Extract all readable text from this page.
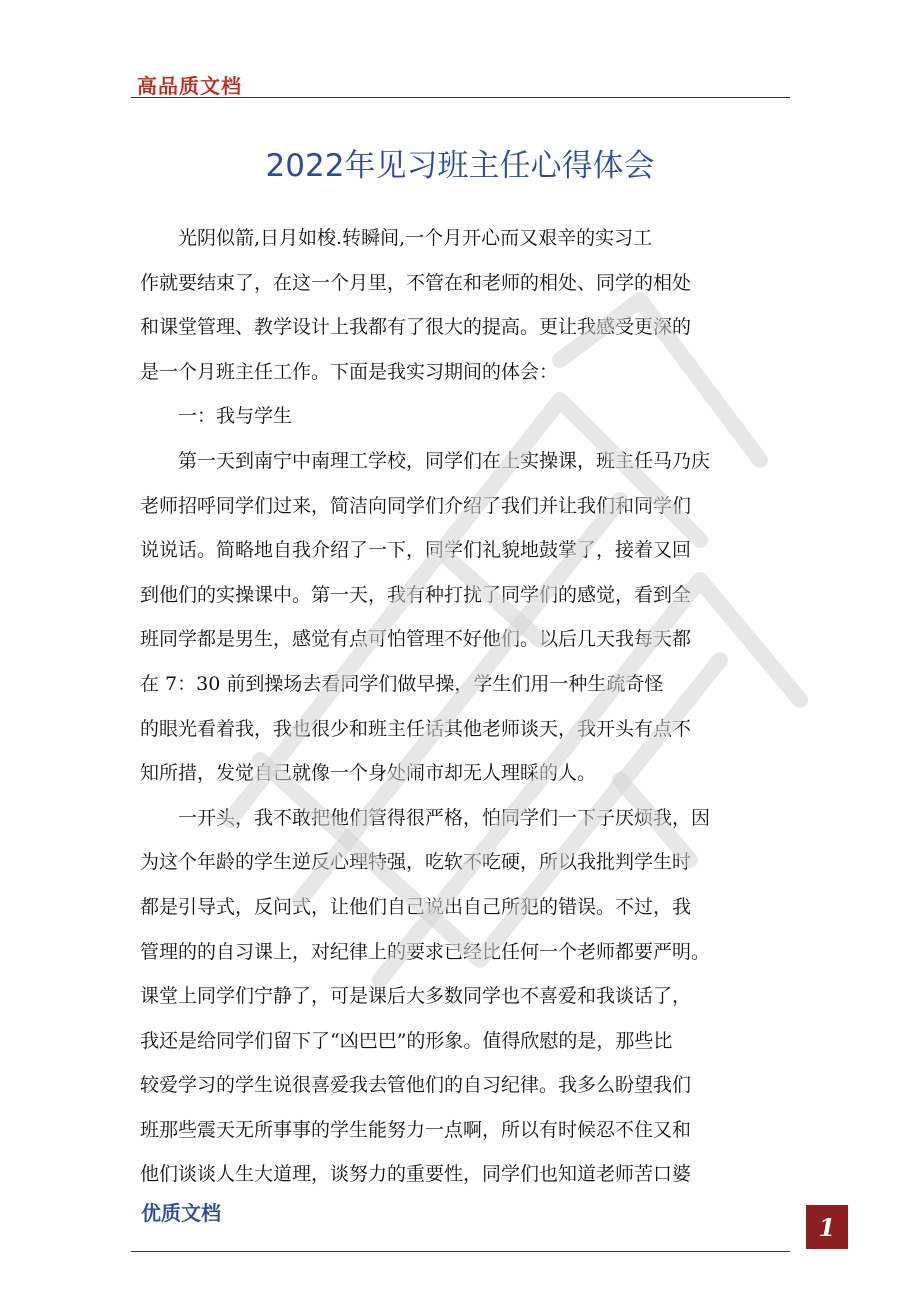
高品质文档
2022年见习班主任心得体会

　　光阴似箭,日月如梭.转瞬间,一个月开心而又艰辛的实习工

作就要结束了，在这一个月里，不管在和老师的相处、同学的相处

和课堂管理、教学设计上我都有了很大的提高。更让我感受更深的

是一个月班主任工作。下面是我实习期间的体会：

　　一：我与学生

　　第一天到南宁中南理工学校，同学们在上实操课，班主任马乃庆

老师招呼同学们过来，简洁向同学们介绍了我们并让我们和同学们

说说话。简略地自我介绍了一下，同学们礼貌地鼓掌了，接着又回

到他们的实操课中。第一天，我有种打扰了同学们的感觉，看到全

班同学都是男生，感觉有点可怕管理不好他们。以后几天我每天都

在 7：30 前到操场去看同学们做早操，学生们用一种生疏奇怪

的眼光看着我，我也很少和班主任话其他老师谈天，我开头有点不

知所措，发觉自己就像一个身处闹市却无人理睬的人。

　　一开头，我不敢把他们管得很严格，怕同学们一下子厌烦我，因

为这个年龄的学生逆反心理特强，吃软不吃硬，所以我批判学生时

都是引导式，反问式，让他们自己说出自己所犯的错误。不过，我

管理的的自习课上，对纪律上的要求已经比任何一个老师都要严明。

课堂上同学们宁静了，可是课后大多数同学也不喜爱和我谈话了，

我还是给同学们留下了“凶巴巴”的形象。值得欣慰的是，那些比

较爱学习的学生说很喜爱我去管他们的自习纪律。我多么盼望我们

班那些震天无所事事的学生能努力一点啊，所以有时候忍不住又和

他们谈谈人生大道理，谈努力的重要性，同学们也知道老师苦口婆

优质文档	1
